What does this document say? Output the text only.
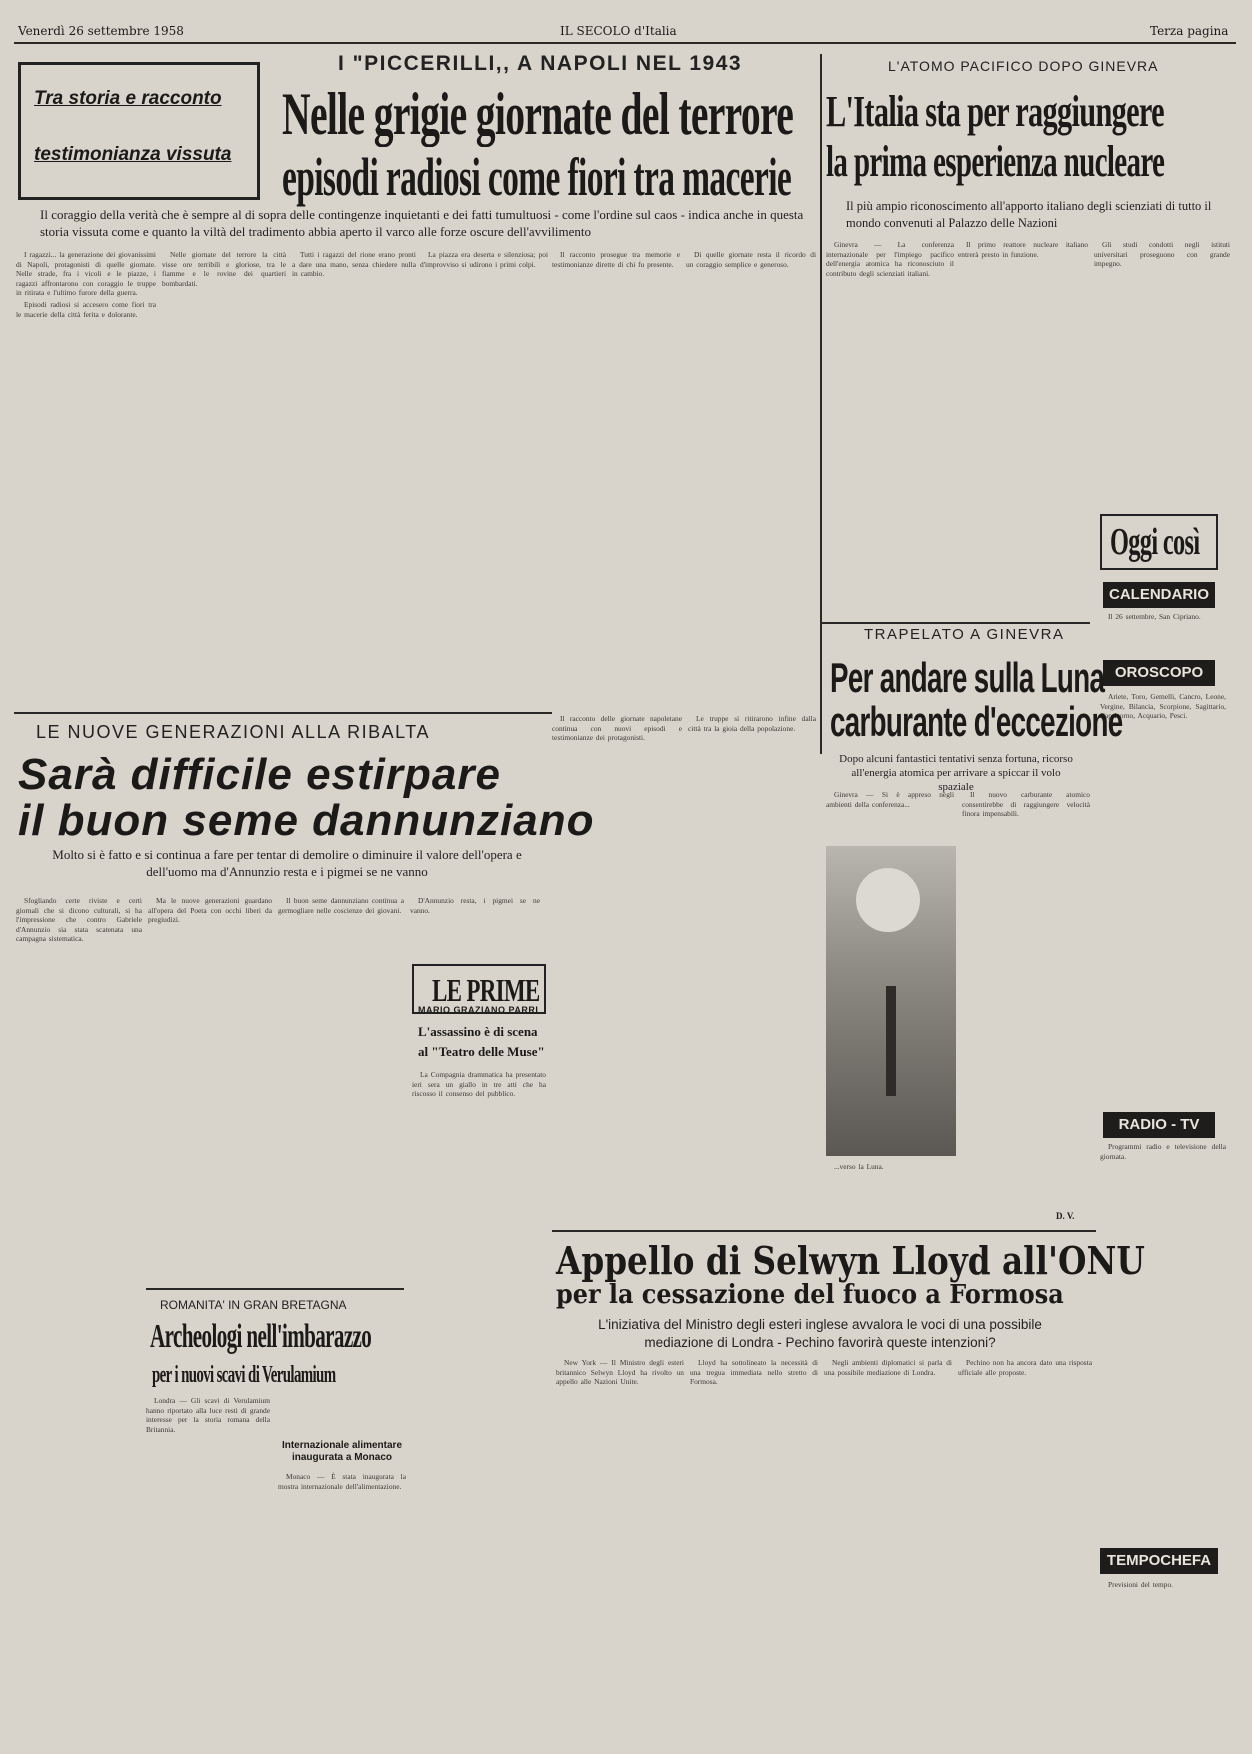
Venerdì 26 settembre 1958	IL SECOLO d'Italia	Terza pagina
Tra storia e racconto
testimonianza vissuta
I "PICCERILLI,, A NAPOLI NEL 1943
Nelle grigie giornate del terrore
episodi radiosi come fiori tra macerie
Il coraggio della verità che è sempre al di sopra delle contingenze inquietanti e dei fatti tumultuosi - come l'ordine sul caos - indica anche in questa storia vissuta come e quanto la viltà del tradimento abbia aperto il varco alle forze oscure dell'avvilimento

I ragazzi... la generazione dei giovanissimi di Napoli, protagonisti di quelle giornate. Nelle strade, fra i vicoli e le piazze, i ragazzi affrontarono con coraggio le truppe in ritirata e l'ultimo furore della guerra.

Episodi radiosi si accesero come fiori tra le macerie della città ferita e dolorante.

Nelle giornate del terrore la città visse ore terribili e gloriose, tra le fiamme e le rovine dei quartieri bombardati.

Tutti i ragazzi del rione erano pronti a dare una mano, senza chiedere nulla in cambio.

La piazza era deserta e silenziosa; poi d'improvviso si udirono i primi colpi.

Il racconto prosegue tra memorie e testimonianze dirette di chi fu presente.

Di quelle giornate resta il ricordo di un coraggio semplice e generoso.

L'ATOMO PACIFICO DOPO GINEVRA
L'Italia sta per raggiungere
la prima esperienza nucleare
Il più ampio riconoscimento all'apporto italiano degli scienziati di tutto il mondo convenuti al Palazzo delle Nazioni

Ginevra — La conferenza internazionale per l'impiego pacifico dell'energia atomica ha riconosciuto il contributo degli scienziati italiani.

Il primo reattore nucleare italiano entrerà presto in funzione.

Gli studi condotti negli istituti universitari proseguono con grande impegno.

Oggi così
CALENDARIO

Il 26 settembre, San Cipriano.

OROSCOPO

Ariete, Toro, Gemelli, Cancro, Leone, Vergine, Bilancia, Scorpione, Sagittario, Capricorno, Acquario, Pesci.

RADIO - TV

Programmi radio e televisione della giornata.

TEMPOCHEFA

Previsioni del tempo.

LE NUOVE GENERAZIONI ALLA RIBALTA
Sarà difficile estirpare
il buon seme dannunziano
Molto si è fatto e si continua a fare per tentar di demolire o diminuire il valore dell'opera e dell'uomo ma d'Annunzio resta e i pigmei se ne vanno

Sfogliando certe riviste e certi giornali che si dicono culturali, si ha l'impressione che contro Gabriele d'Annunzio sia stata scatenata una campagna sistematica.

Ma le nuove generazioni guardano all'opera del Poeta con occhi liberi da pregiudizi.

Il buon seme dannunziano continua a germogliare nelle coscienze dei giovani.

D'Annunzio resta, i pigmei se ne vanno.

MARIO GRAZIANO PARRI
LE PRIME
L'assassino è di scena
al "Teatro delle Muse"

La Compagnia drammatica ha presentato ieri sera un giallo in tre atti che ha riscosso il consenso del pubblico.

ROMANITA' IN GRAN BRETAGNA
Archeologi nell'imbarazzo
per i nuovi scavi di Verulamium

Londra — Gli scavi di Verulamium hanno riportato alla luce resti di grande interesse per la storia romana della Britannia.

Internazionale alimentare inaugurata a Monaco

Monaco — È stata inaugurata la mostra internazionale dell'alimentazione.

TRAPELATO A GINEVRA
Per andare sulla Luna
carburante d'eccezione
Dopo alcuni fantastici tentativi senza fortuna, ricorso all'energia atomica per arrivare a spiccar il volo spaziale

Ginevra — Si è appreso negli ambienti della conferenza...

...verso la Luna.

Il nuovo carburante atomico consentirebbe di raggiungere velocità finora impensabili.

D. V.

Il racconto delle giornate napoletane continua con nuovi episodi e testimonianze dei protagonisti.

Le truppe si ritirarono infine dalla città tra la gioia della popolazione.

Appello di Selwyn Lloyd all'ONU
per la cessazione del fuoco a Formosa
L'iniziativa del Ministro degli esteri inglese avvalora le voci di una possibile mediazione di Londra - Pechino favorirà queste intenzioni?

New York — Il Ministro degli esteri britannico Selwyn Lloyd ha rivolto un appello alle Nazioni Unite.

Lloyd ha sottolineato la necessità di una tregua immediata nello stretto di Formosa.

Negli ambienti diplomatici si parla di una possibile mediazione di Londra.

Pechino non ha ancora dato una risposta ufficiale alle proposte.
